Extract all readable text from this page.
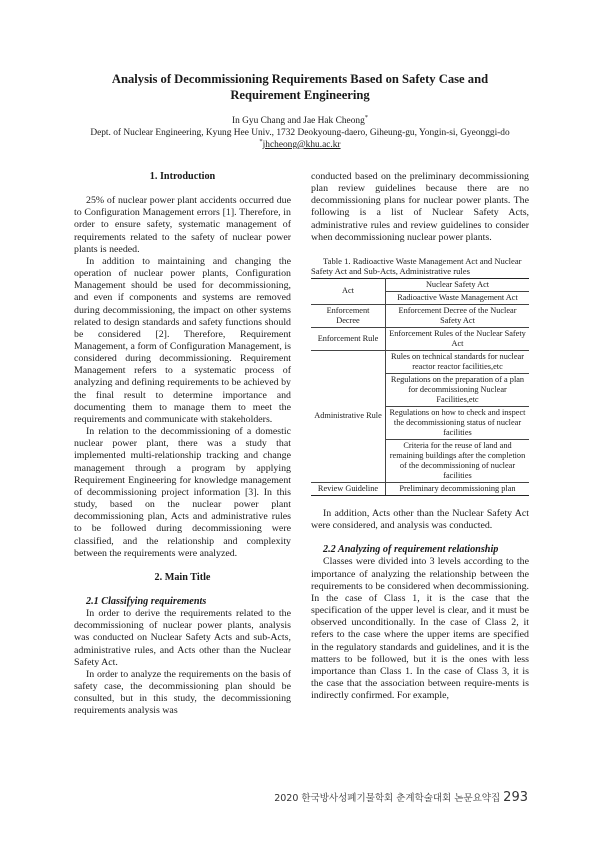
Analysis of Decommissioning Requirements Based on Safety Case and
Requirement Engineering
In Gyu Chang and Jae Hak Cheong*
Dept. of Nuclear Engineering, Kyung Hee Univ., 1732 Deokyoung-daero, Giheung-gu, Yongin-si, Gyeonggi-do
*jhcheong@khu.ac.kr
1. Introduction

25% of nuclear power plant accidents occurred due to Configuration Management errors [1]. Therefore, in order to ensure safety, systematic management of requirements related to the safety of nuclear power plants is needed.

In addition to maintaining and changing the operation of nuclear power plants, Configuration Management should be used for decommissioning, and even if components and systems are removed during decommissioning, the impact on other systems related to design standards and safety functions should be considered [2]. Therefore, Requirement Management, a form of Configuration Management, is considered during decommissioning. Requirement Management refers to a systematic process of analyzing and defining requirements to be achieved by the final result to determine importance and documenting them to manage them to meet the requirements and communicate with stakeholders.

In relation to the decommissioning of a domestic nuclear power plant, there was a study that implemented multi-relationship tracking and change management through a program by applying Requirement Engineering for knowledge management of decommissioning project information [3]. In this study, based on the nuclear power plant decommissioning plan, Acts and administrative rules to be followed during decommissioning were classified, and the relationship and complexity between the requirements were analyzed.

2. Main Title

2.1 Classifying requirements

In order to derive the requirements related to the decommissioning of nuclear power plants, analysis was conducted on Nuclear Safety Acts and sub-Acts, administrative rules, and Acts other than the Nuclear Safety Act.

In order to analyze the requirements on the basis of safety case, the decommissioning plan should be consulted, but in this study, the decommissioning requirements analysis was

conducted based on the preliminary decommissioning plan review guidelines because there are no decommissioning plans for nuclear power plants. The following is a list of Nuclear Safety Acts, administrative rules and review guidelines to consider when decommissioning nuclear power plants.

Table 1. Radioactive Waste Management Act and Nuclear Safety Act and Sub-Acts, Administrative rules

Act	Nuclear Safety Act
	Radioactive Waste Management Act
Enforcement Decree	Enforcement Decree of the Nuclear Safety Act
Enforcement Rule	Enforcement Rules of the Nuclear Safety Act
Administrative Rule	Rules on technical standards for nuclear reactor reactor facilities,etc
	Regulations on the preparation of a plan for decommissioning Nuclear Facilities,etc
	Regulations on how to check and inspect the decommissioning status of nuclear facilities
	Criteria for the reuse of land and remaining buildings after the completion of the decommissioning of nuclear facilities
Review Guideline	Preliminary decommissioning plan

In addition, Acts other than the Nuclear Safety Act were considered, and analysis was conducted.

2.2 Analyzing of requirement relationship

Classes were divided into 3 levels according to the importance of analyzing the relationship between the requirements to be considered when decommissioning. In the case of Class 1, it is the case that the specification of the upper level is clear, and it must be observed unconditionally. In the case of Class 2, it refers to the case where the upper items are specified in the regulatory standards and guidelines, and it is the matters to be followed, but it is the ones with less importance than Class 1. In the case of Class 3, it is the case that the association between require-ments is indirectly confirmed. For example,

2020 한국방사성폐기물학회 춘계학술대회 논문요약집 293
